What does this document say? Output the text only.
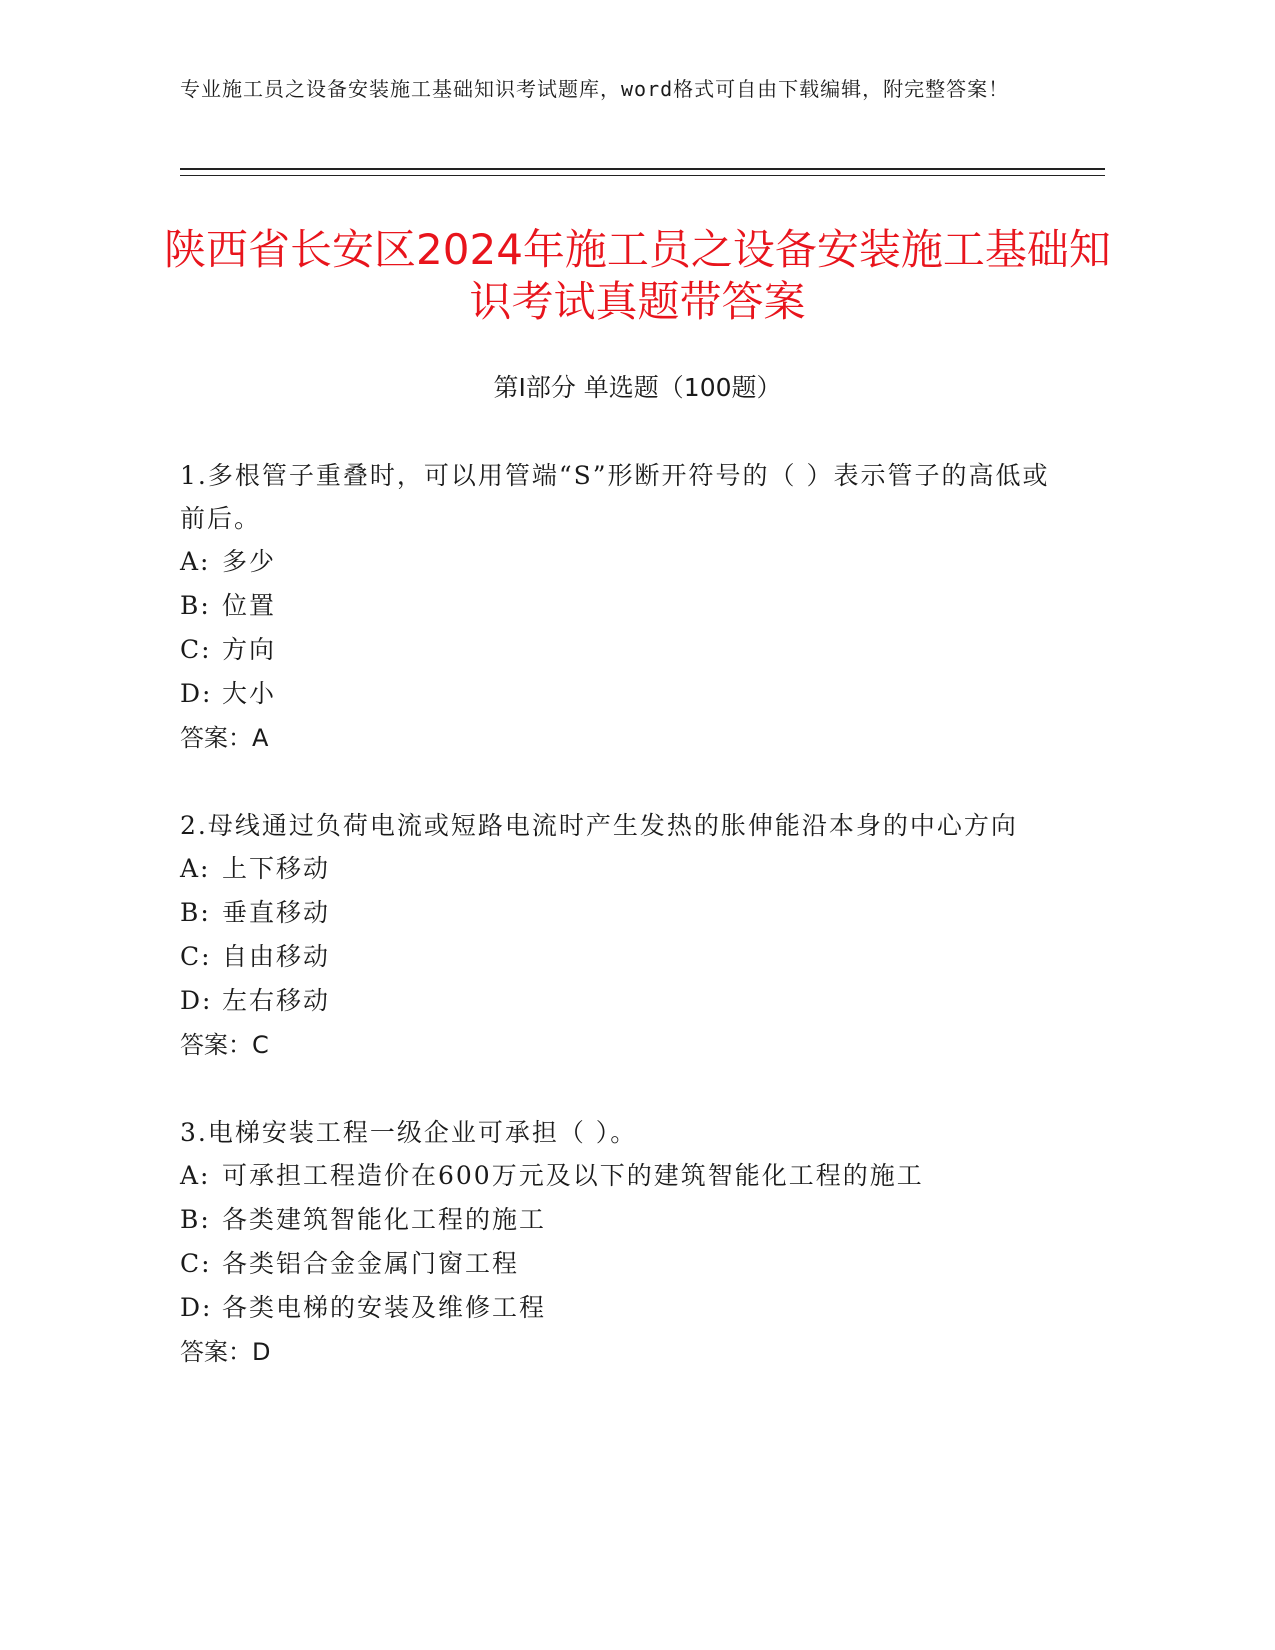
专业施工员之设备安装施工基础知识考试题库，word格式可自由下载编辑，附完整答案！
陕西省长安区2024年施工员之设备安装施工基础知识考试真题带答案
第Ⅰ部分 单选题（100题）

1.多根管子重叠时，可以用管端“S”形断开符号的（ ）表示管子的高低或前后。

A: 多少

B: 位置

C: 方向

D: 大小

答案：A

2.母线通过负荷电流或短路电流时产生发热的胀伸能沿本身的中心方向

A: 上下移动

B: 垂直移动

C: 自由移动

D: 左右移动

答案：C

3.电梯安装工程一级企业可承担（ ）。

A: 可承担工程造价在600万元及以下的建筑智能化工程的施工

B: 各类建筑智能化工程的施工

C: 各类铝合金金属门窗工程

D: 各类电梯的安装及维修工程

答案：D
